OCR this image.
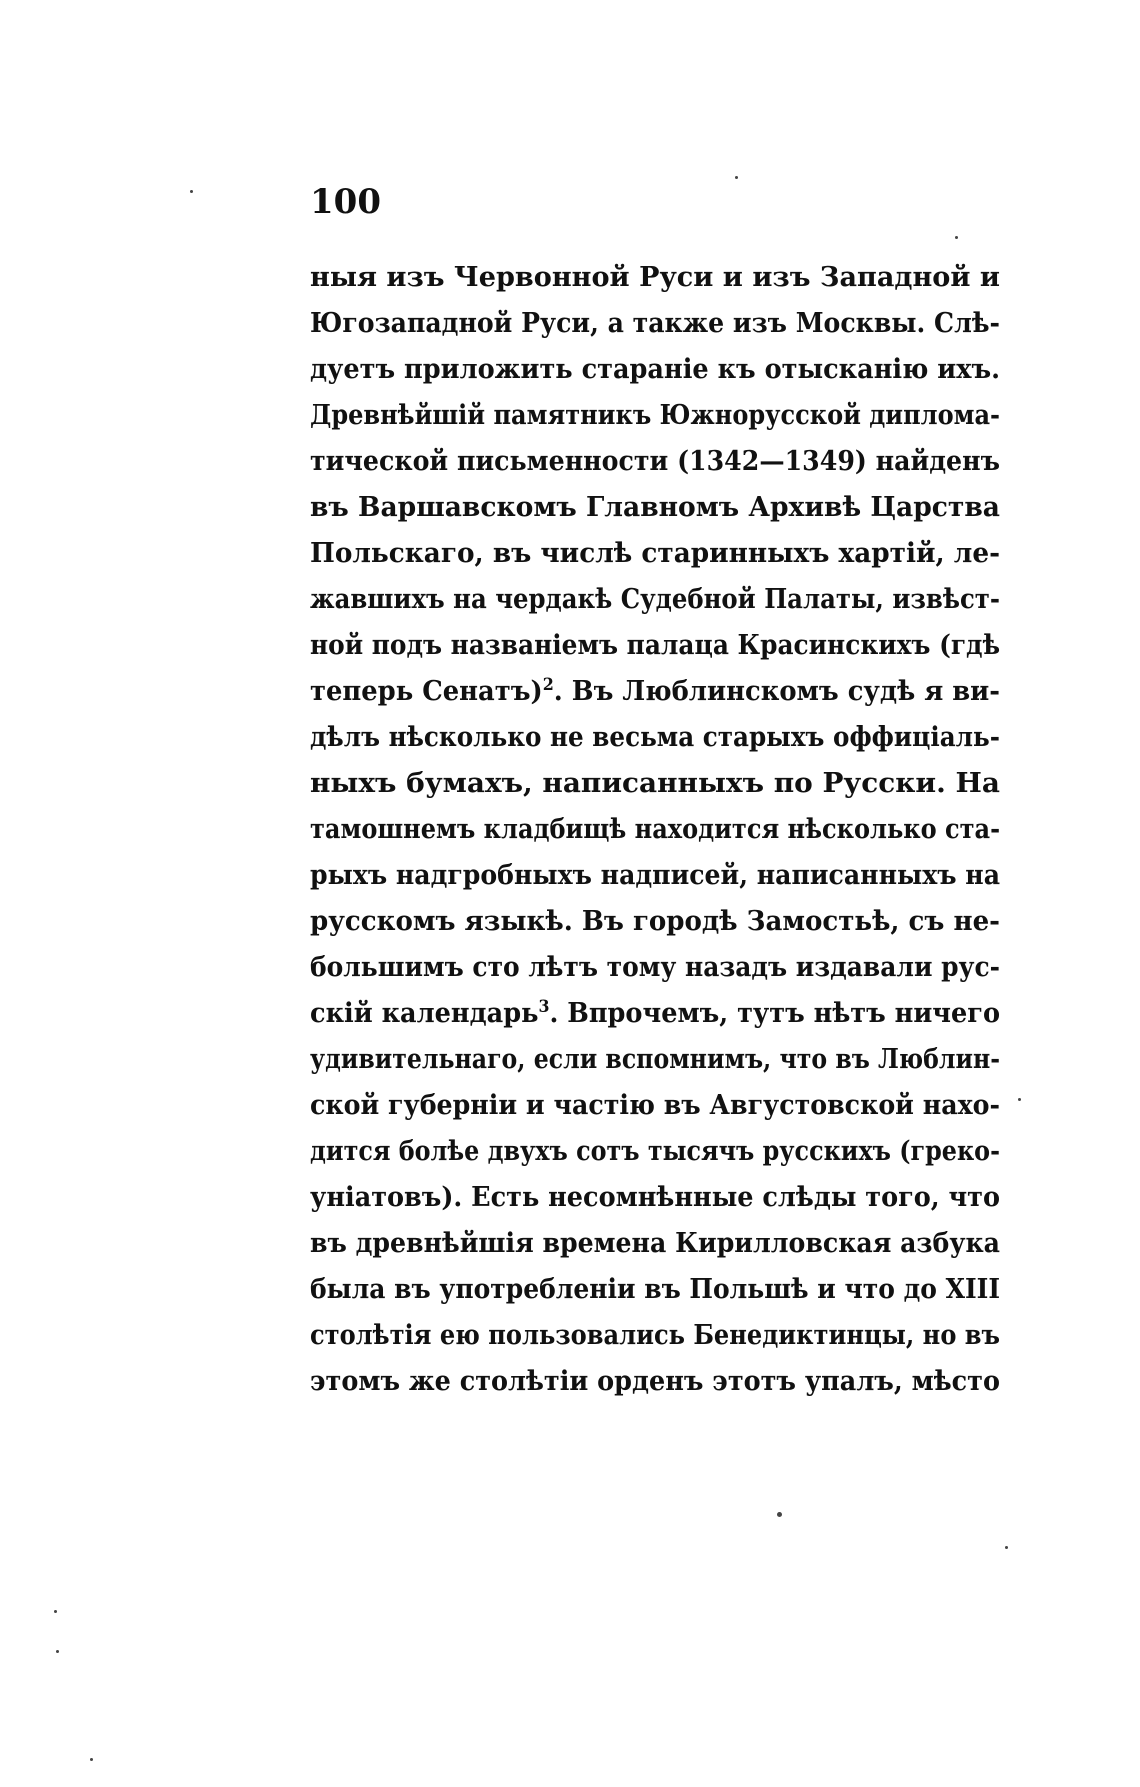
100
ныя изъ Червонной Руси и изъ Западной и
Югозападной Руси, а также изъ Москвы. Слѣ-
дуетъ приложить стараніе къ отысканію ихъ.
Древнѣйшій памятникъ Южнорусской диплома-
тической письменности (1342—1349) найденъ
въ Варшавскомъ Главномъ Архивѣ Царства
Польскаго, въ числѣ старинныхъ хартій, ле-
жавшихъ на чердакѣ Судебной Палаты, извѣст-
ной подъ названіемъ палаца Красинскихъ (гдѣ
теперь Сенатъ)$^2$. Въ Люблинскомъ судѣ я ви-
дѣлъ нѣсколько не весьма старыхъ оффиціаль-
ныхъ бумахъ, написанныхъ по Русски. На
тамошнемъ кладбищѣ находится нѣсколько ста-
рыхъ надгробныхъ надписей, написанныхъ на
русскомъ языкѣ. Въ городѣ Замостьѣ, съ не-
большимъ сто лѣтъ тому назадъ издавали рус-
скій календарь$^3$. Впрочемъ, тутъ нѣтъ ничего
удивительнаго, если вспомнимъ, что въ Люблин-
ской губерніи и частію въ Августовской нахо-
дится болѣе двухъ сотъ тысячъ русскихъ (греко-
уніатовъ). Есть несомнѣнные слѣды того, что
въ древнѣйшія времена Кирилловская азбука
была въ употребленіи въ Польшѣ и что до XIII
столѣтія ею пользовались Бенедиктинцы, но въ
этомъ же столѣтіи орденъ этотъ упалъ, мѣсто
